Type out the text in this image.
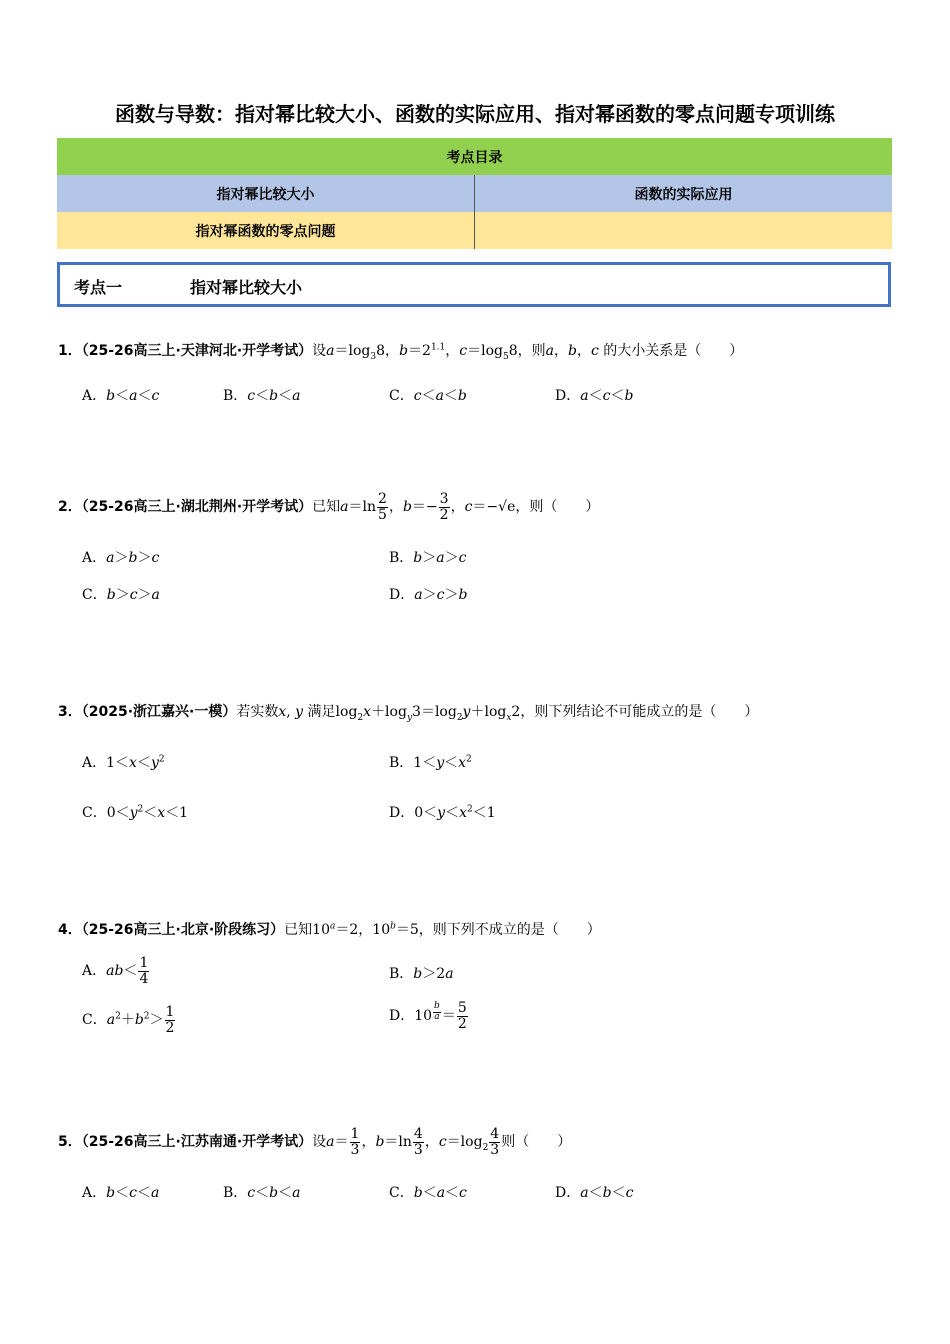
函数与导数：指对幂比较大小、函数的实际应用、指对幂函数的零点问题专项训练
考点目录	
指对幂比较大小	函数的实际应用
指对幂函数的零点问题	
考点一	指对幂比较大小
1．（25-26高三上·天津河北·开学考试）设$a=\log_38$，$b=2^{1.1}$，$c=\log_58$，则a，b，c 的大小关系是（　　）
A．b＜a＜c	B．c＜b＜a	C．c＜a＜b	D．a＜c＜b
2．（25-26高三上·湖北荆州·开学考试）已知$a=\ln \frac{2}{5}$ ，$b=- \frac{3}{2}$ ，c＝−√e，则（　　）
A．a＞b＞c	B．b＞a＞c
C．b＞c＞a	D．a＞c＞b
3．（2025·浙江嘉兴·一模）若实数x, y 满足$\log_2x+\log_y3=\log_2y+\log_x2$，则下列结论不可能成立的是（　　）
A．$1<x<y^2$	B．$1<y<x^2$
C．$0<y^2<x<1$	D．$0<y<x^2<1$
4．（25-26高三上·北京·阶段练习）已知$10^a=2$，$10^b=5$，则下列不成立的是（　　）
A．$ab< \frac{1}{4}$	B．b＞2a
C．$a^2+b^2> \frac{1}{2}$	D．10 $^{\frac{b}{a}} = \frac{5}{2}$
5．（25-26高三上·江苏南通·开学考试）设$a= \frac{1}{3}$ ，$b=\ln \frac{4}{3}$ ，$c=\log_2 \frac{4}{3}$ 则（　　）
A．b＜c＜a	B．c＜b＜a	C．b＜a＜c	D．a＜b＜c
